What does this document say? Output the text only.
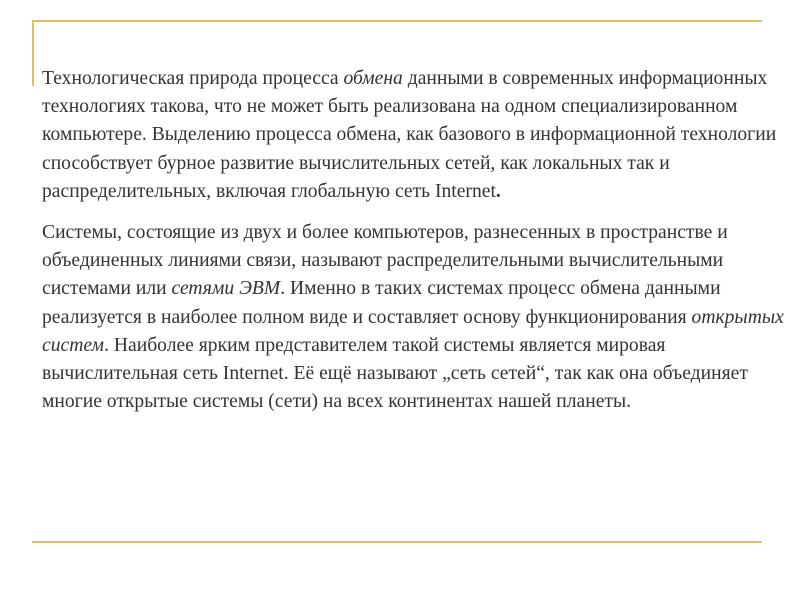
Технологическая природа процесса обмена данными в современных информационных технологиях такова, что не может быть реализована на одном специализированном компьютере. Выделению процесса обмена, как базового в информационной технологии способствует бурное развитие вычислительных сетей, как локальных так и распределительных, включая глобальную сеть Internet.

Системы, состоящие из двух и более компьютеров, разнесенных в пространстве и объединенных линиями связи, называют распределительными вычислительными системами или сетями ЭВМ. Именно в таких системах процесс обмена данными реализуется в наиболее полном виде и составляет основу функционирования открытых систем. Наиболее ярким представителем такой системы является мировая вычислительная сеть Internet. Её ещё называют „сеть сетей“, так как она объединяет многие открытые системы (сети) на всех континентах нашей планеты.
